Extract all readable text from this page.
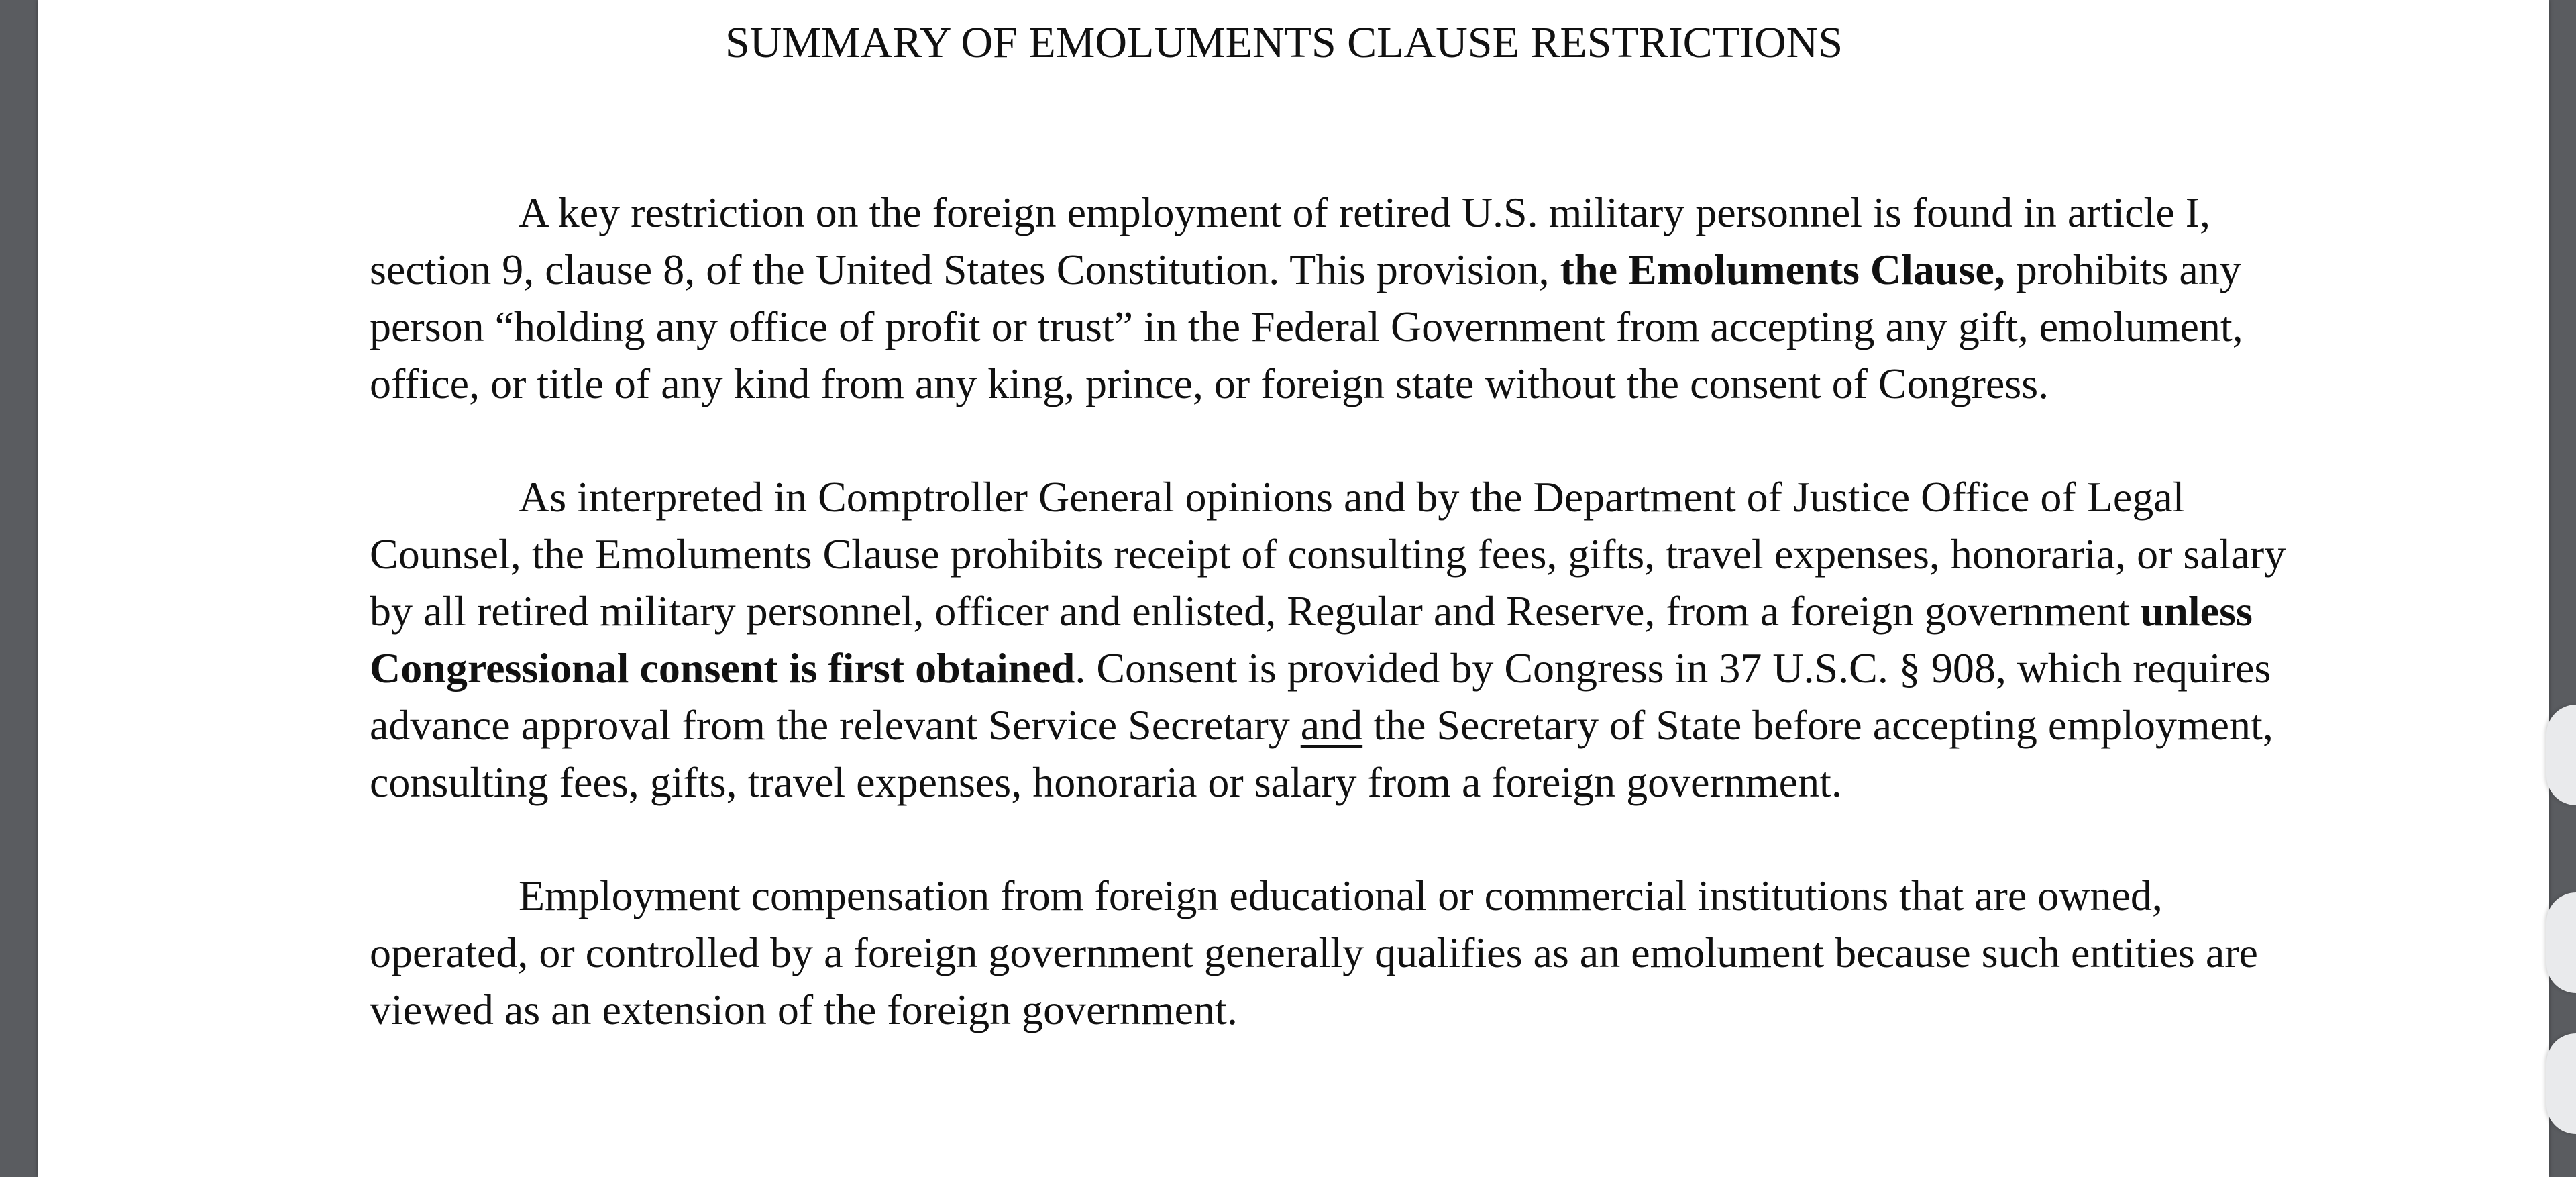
SUMMARY OF EMOLUMENTS CLAUSE RESTRICTIONS

A key restriction on the foreign employment of retired U.S. military personnel is found in article I, section 9, clause 8, of the United States Constitution. This provision, the Emoluments Clause, prohibits any person “holding any office of profit or trust” in the Federal Government from accepting any gift, emolument, office, or title of any kind from any king, prince, or foreign state without the consent of Congress.

As interpreted in Comptroller General opinions and by the Department of Justice Office of Legal Counsel, the Emoluments Clause prohibits receipt of consulting fees, gifts, travel expenses, honoraria, or salary by all retired military personnel, officer and enlisted, Regular and Reserve, from a foreign government unless Congressional consent is first obtained. Consent is provided by Congress in 37 U.S.C. § 908, which requires advance approval from the relevant Service Secretary and the Secretary of State before accepting employment, consulting fees, gifts, travel expenses, honoraria or salary from a foreign government.

Employment compensation from foreign educational or commercial institutions that are owned, operated, or controlled by a foreign government generally qualifies as an emolument because such entities are viewed as an extension of the foreign government.
